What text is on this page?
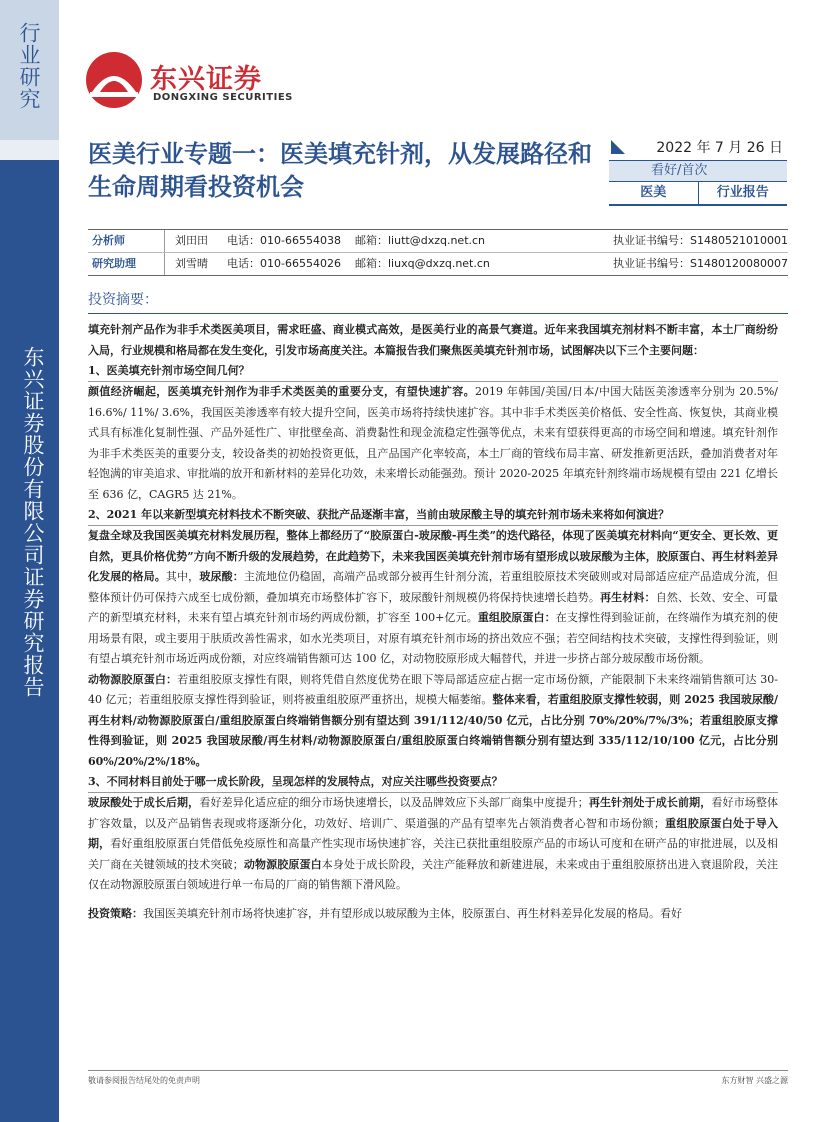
行业研究
东兴证券股份有限公司证券研究报告
东兴证券
DONGXING SECURITIES
医美行业专题一：医美填充针剂，从发展路径和生命周期看投资机会
2022 年 7 月 26 日
看好/首次
医美	行业报告
分析师	刘田田	电话：010-66554038	邮箱：liutt@dxzq.net.cn	执业证书编号：S1480521010001
研究助理	刘雪晴	电话：010-66554026	邮箱：liuxq@dxzq.net.cn	执业证书编号：S1480120080007
投资摘要：

填充针剂产品作为非手术类医美项目，需求旺盛、商业模式高效，是医美行业的高景气赛道。近年来我国填充剂材料不断丰富，本土厂商纷纷入局，行业规模和格局都在发生变化，引发市场高度关注。本篇报告我们聚焦医美填充针剂市场，试图解决以下三个主要问题：

1、医美填充针剂市场空间几何？

颜值经济崛起，医美填充针剂作为非手术类医美的重要分支，有望快速扩容。2019 年韩国/美国/日本/中国大陆医美渗透率分别为 20.5%/ 16.6%/ 11%/ 3.6%，我国医美渗透率有较大提升空间，医美市场将持续快速扩容。其中非手术类医美价格低、安全性高、恢复快，其商业模式具有标准化复制性强、产品外延性广、审批壁垒高、消费黏性和现金流稳定性强等优点，未来有望获得更高的市场空间和增速。填充针剂作为非手术类医美的重要分支，较设备类的初始投资更低，且产品国产化率较高，本土厂商的管线布局丰富、研发推新更活跃，叠加消费者对年轻饱满的审美追求、审批端的放开和新材料的差异化功效，未来增长动能强劲。预计 2020-2025 年填充针剂终端市场规模有望由 221 亿增长至 636 亿，CAGR5 达 21%。

2、2021 年以来新型填充材料技术不断突破、获批产品逐渐丰富，当前由玻尿酸主导的填充针剂市场未来将如何演进？

复盘全球及我国医美填充材料发展历程，整体上都经历了“胶原蛋白-玻尿酸-再生类”的迭代路径，体现了医美填充材料向“更安全、更长效、更自然，更具价格优势”方向不断升级的发展趋势，在此趋势下，未来我国医美填充针剂市场有望形成以玻尿酸为主体，胶原蛋白、再生材料差异化发展的格局。其中，玻尿酸：主流地位仍稳固，高端产品或部分被再生针剂分流，若重组胶原技术突破则或对局部适应症产品造成分流，但整体预计仍可保持六成至七成份额，叠加填充市场整体扩容下，玻尿酸针剂规模仍将保持快速增长趋势。再生材料：自然、长效、安全、可量产的新型填充材料，未来有望占填充针剂市场约两成份额，扩容至 100+亿元。重组胶原蛋白：在支撑性得到验证前，在终端作为填充剂的使用场景有限，或主要用于肤质改善性需求，如水光类项目，对原有填充针剂市场的挤出效应不强；若空间结构技术突破，支撑性得到验证，则有望占填充针剂市场近两成份额，对应终端销售额可达 100 亿，对动物胶原形成大幅替代，并进一步挤占部分玻尿酸市场份额。

动物源胶原蛋白：若重组胶原支撑性有限，则将凭借自然度优势在眼下等局部适应症占据一定市场份额，产能限制下未来终端销售额可达 30-40 亿元；若重组胶原支撑性得到验证，则将被重组胶原严重挤出，规模大幅萎缩。整体来看，若重组胶原支撑性较弱，则 2025 我国玻尿酸/再生材料/动物源胶原蛋白/重组胶原蛋白终端销售额分别有望达到 391/112/40/50 亿元，占比分别 70%/20%/7%/3%；若重组胶原支撑性得到验证，则 2025 我国玻尿酸/再生材料/动物源胶原蛋白/重组胶原蛋白终端销售额分别有望达到 335/112/10/100 亿元，占比分别 60%/20%/2%/18%。

3、不同材料目前处于哪一成长阶段，呈现怎样的发展特点，对应关注哪些投资要点？

玻尿酸处于成长后期，看好差异化适应症的细分市场快速增长，以及品牌效应下头部厂商集中度提升；再生针剂处于成长前期，看好市场整体扩容效量，以及产品销售表现或将逐渐分化，功效好、培训广、渠道强的产品有望率先占领消费者心智和市场份额；重组胶原蛋白处于导入期，看好重组胶原蛋白凭借低免疫原性和高量产性实现市场快速扩容，关注已获批重组胶原产品的市场认可度和在研产品的审批进展，以及相关厂商在关键领域的技术突破；动物源胶原蛋白本身处于成长阶段，关注产能释放和新建进展，未来或由于重组胶原挤出进入衰退阶段，关注仅在动物源胶原蛋白领域进行单一布局的厂商的销售额下滑风险。

投资策略：我国医美填充针剂市场将快速扩容，并有望形成以玻尿酸为主体，胶原蛋白、再生材料差异化发展的格局。看好

敬请参阅报告结尾处的免责声明	东方财智 兴盛之源
